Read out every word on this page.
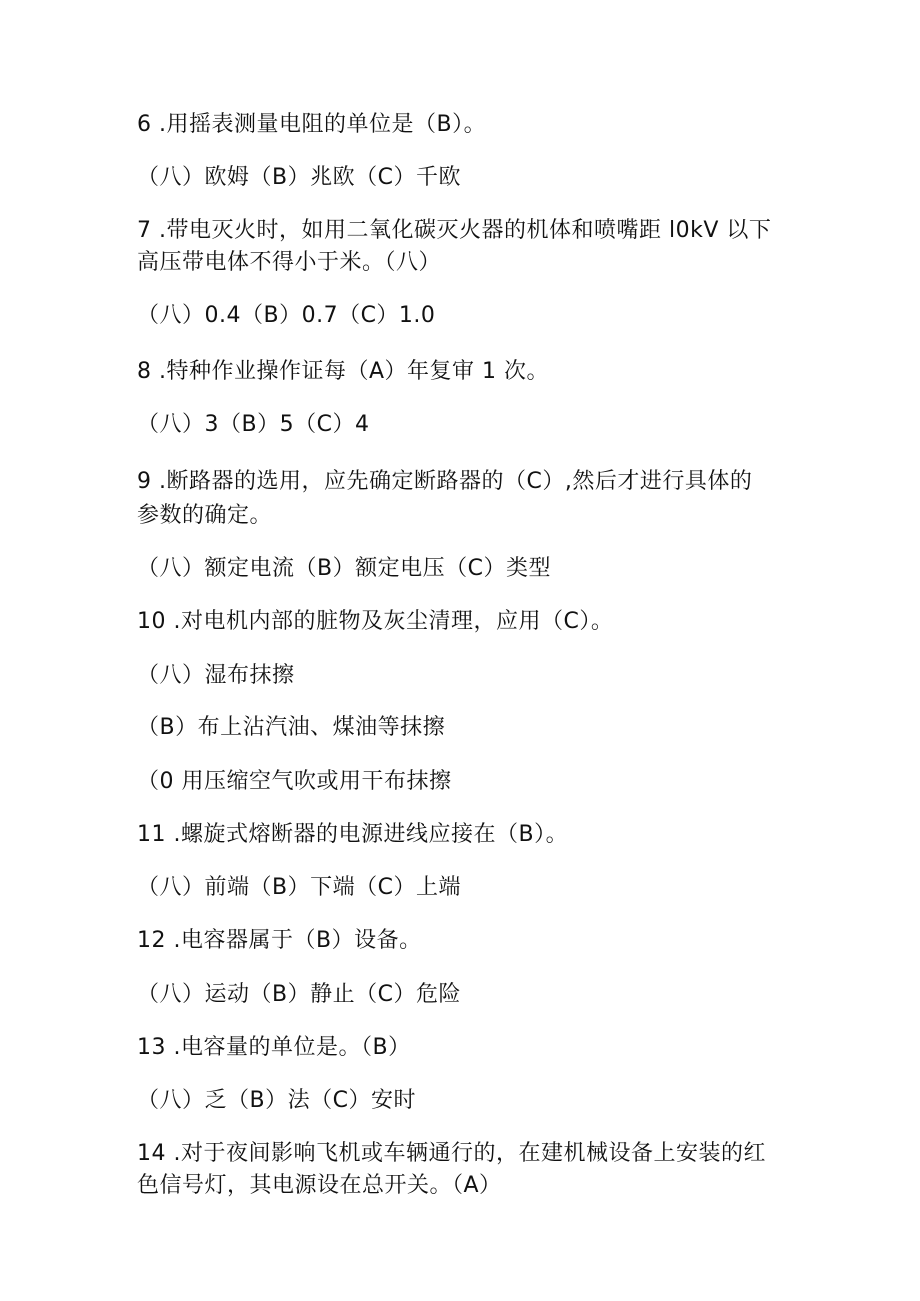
6 .用摇表测量电阻的单位是（B）。
（八）欧姆（B）兆欧（C）千欧
7 .带电灭火时，如用二氧化碳灭火器的机体和喷嘴距 l0kV 以下
高压带电体不得小于米。（八）
（八）0.4（B）0.7（C）1.0
8 .特种作业操作证每（A）年复审 1 次。
（八）3（B）5（C）4
9 .断路器的选用，应先确定断路器的（C）,然后才进行具体的
参数的确定。
（八）额定电流（B）额定电压（C）类型
10 .对电机内部的脏物及灰尘清理，应用（C）。
（八）湿布抹擦
（B）布上沾汽油、煤油等抹擦
（0 用压缩空气吹或用干布抹擦
11 .螺旋式熔断器的电源进线应接在（B）。
（八）前端（B）下端（C）上端
12 .电容器属于（B）设备。
（八）运动（B）静止（C）危险
13 .电容量的单位是。（B）
（八）乏（B）法（C）安时
14 .对于夜间影响飞机或车辆通行的，在建机械设备上安装的红
色信号灯，其电源设在总开关。（A）
